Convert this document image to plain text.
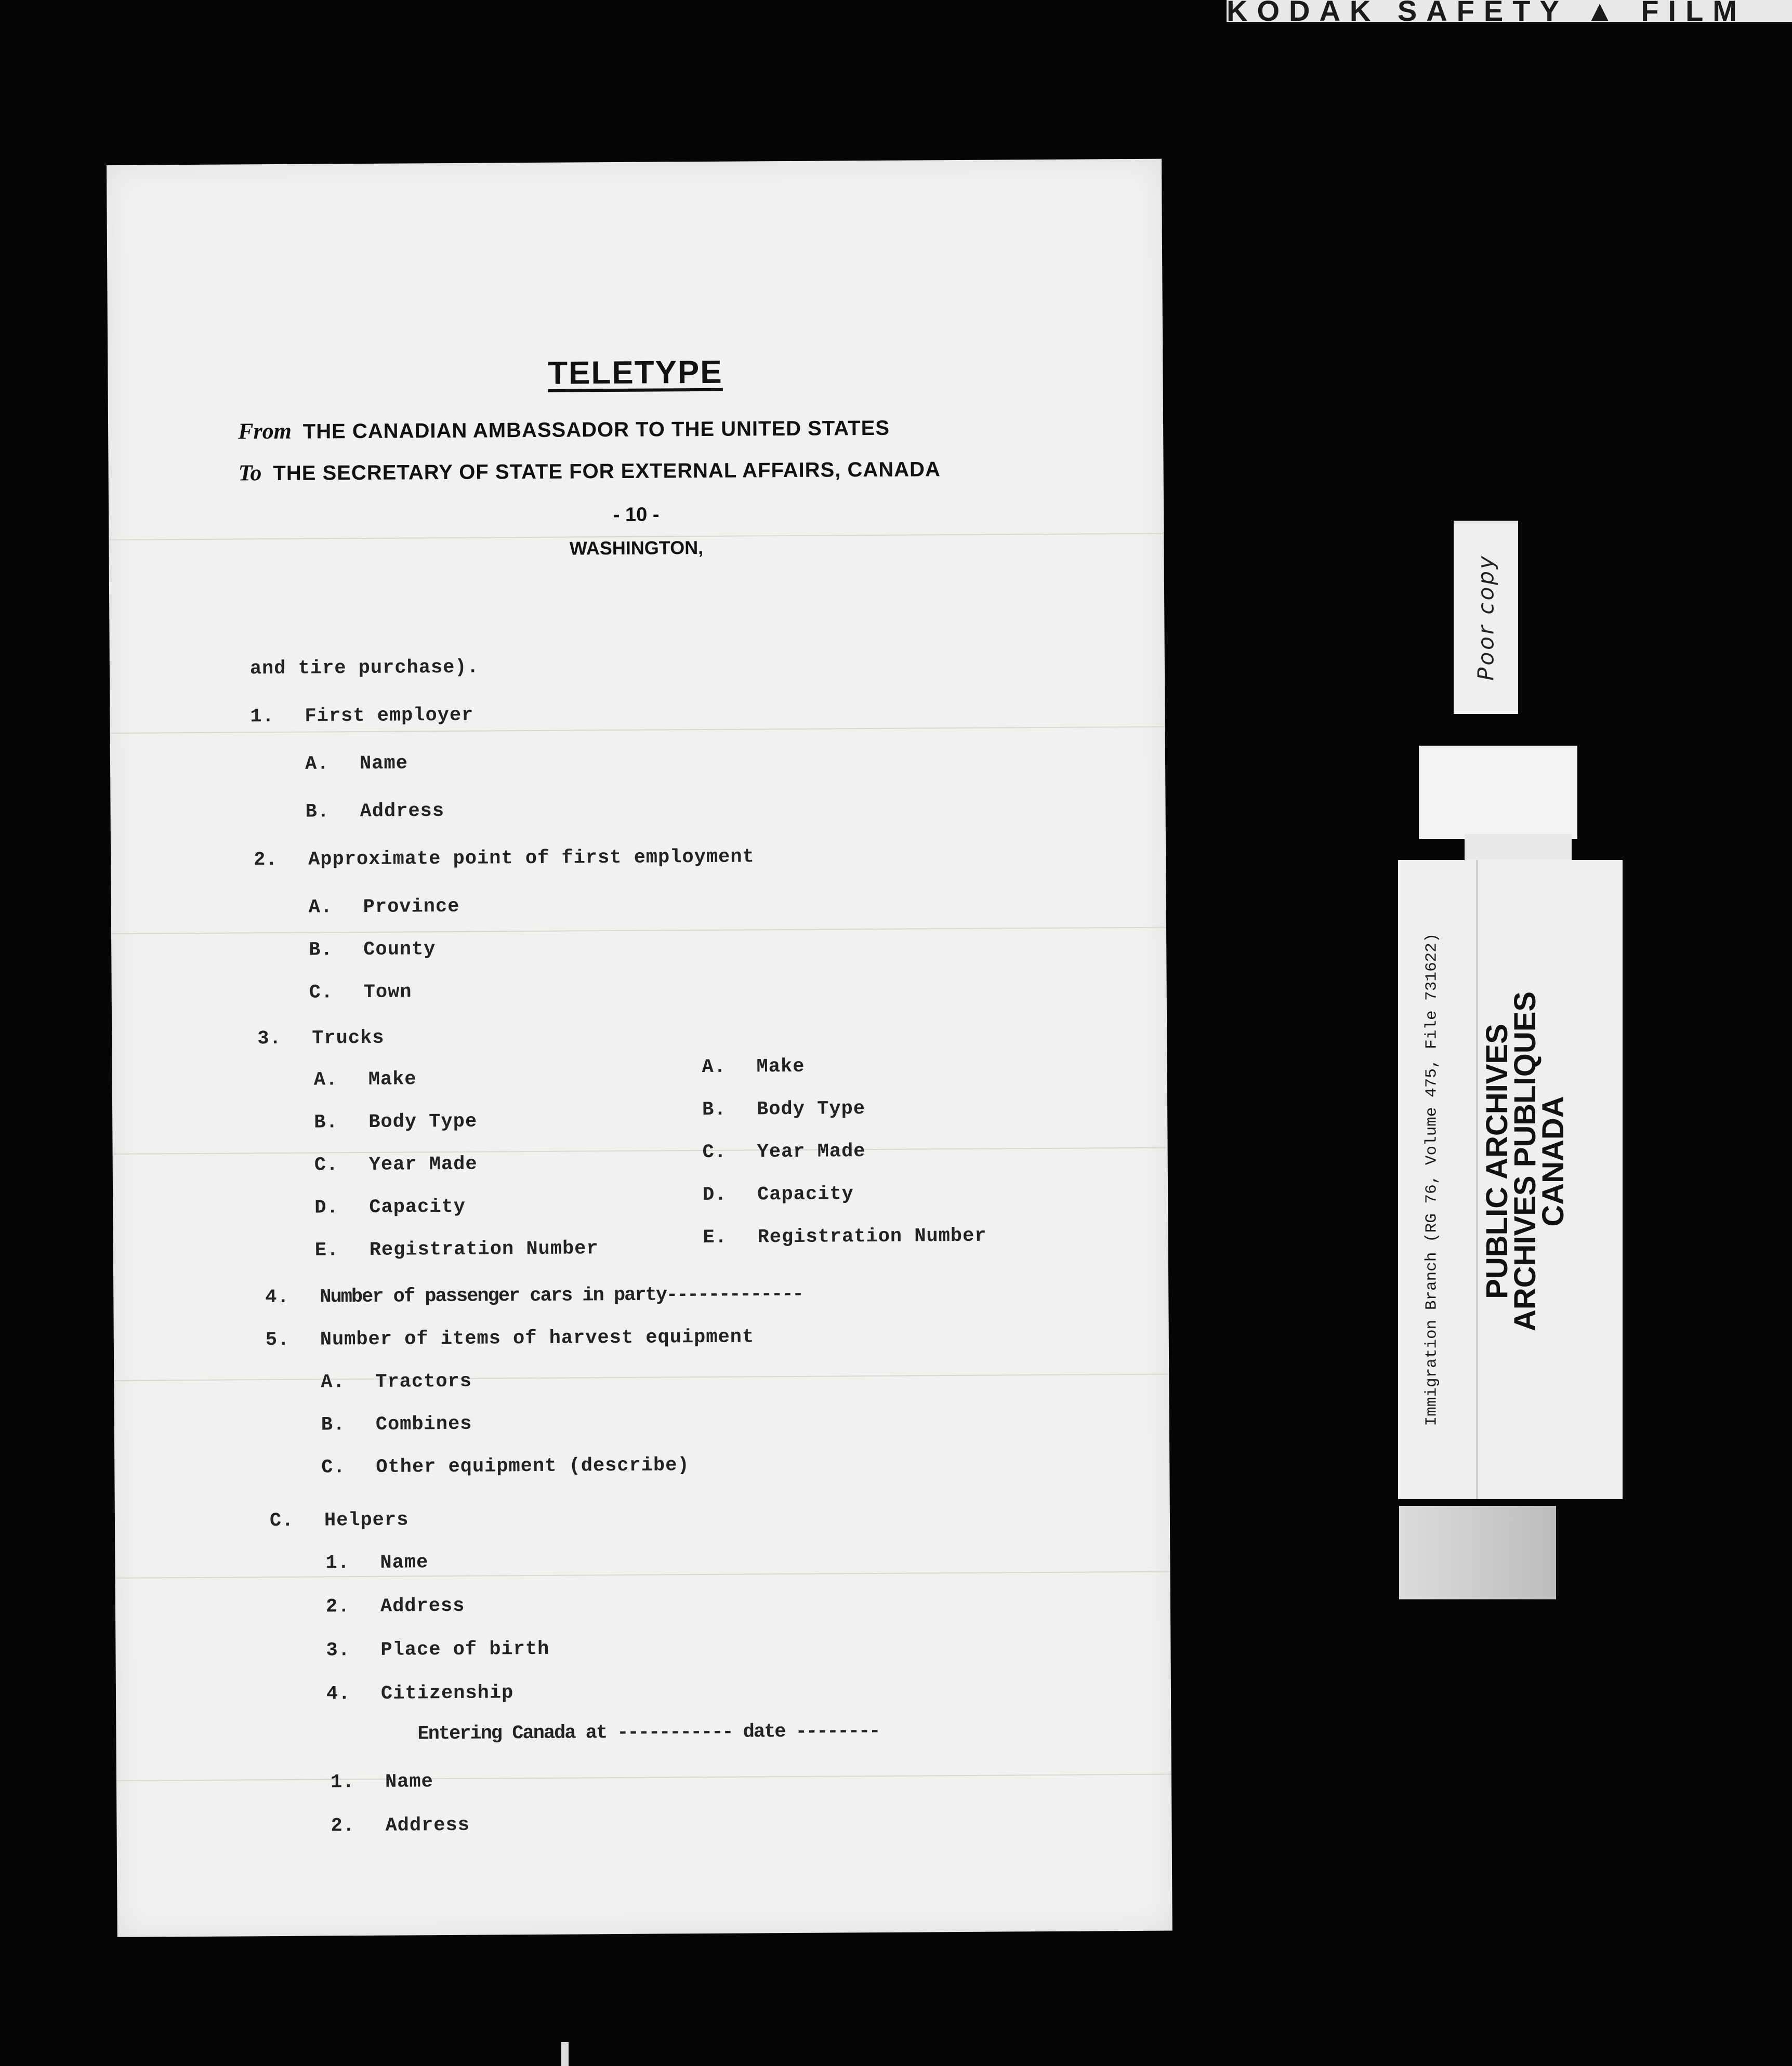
KODAK SAFETY ▲ FILM
TELETYPE
From THE CANADIAN AMBASSADOR TO THE UNITED STATES
To THE SECRETARY OF STATE FOR EXTERNAL AFFAIRS, CANADA
- 10 -
WASHINGTON,
and tire purchase).
1. First employer
A. Name
B. Address
2. Approximate point of first employment
A. Province
B. County
C. Town
3. Trucks
A. Make
B. Body Type
C. Year Made
D. Capacity
E. Registration Number
A. Make
B. Body Type
C. Year Made
D. Capacity
E. Registration Number
4. Number of passenger cars in party-------------
5. Number of items of harvest equipment
A. Tractors
B. Combines
C. Other equipment (describe)
C. Helpers
1. Name
2. Address
3. Place of birth
4. Citizenship
Entering Canada at ----------- date --------
1. Name
2. Address
Poor copy
Immigration Branch (RG 76, Volume 475, File 731622) PUBLIC ARCHIVES
ARCHIVES PUBLIQUES
CANADA
